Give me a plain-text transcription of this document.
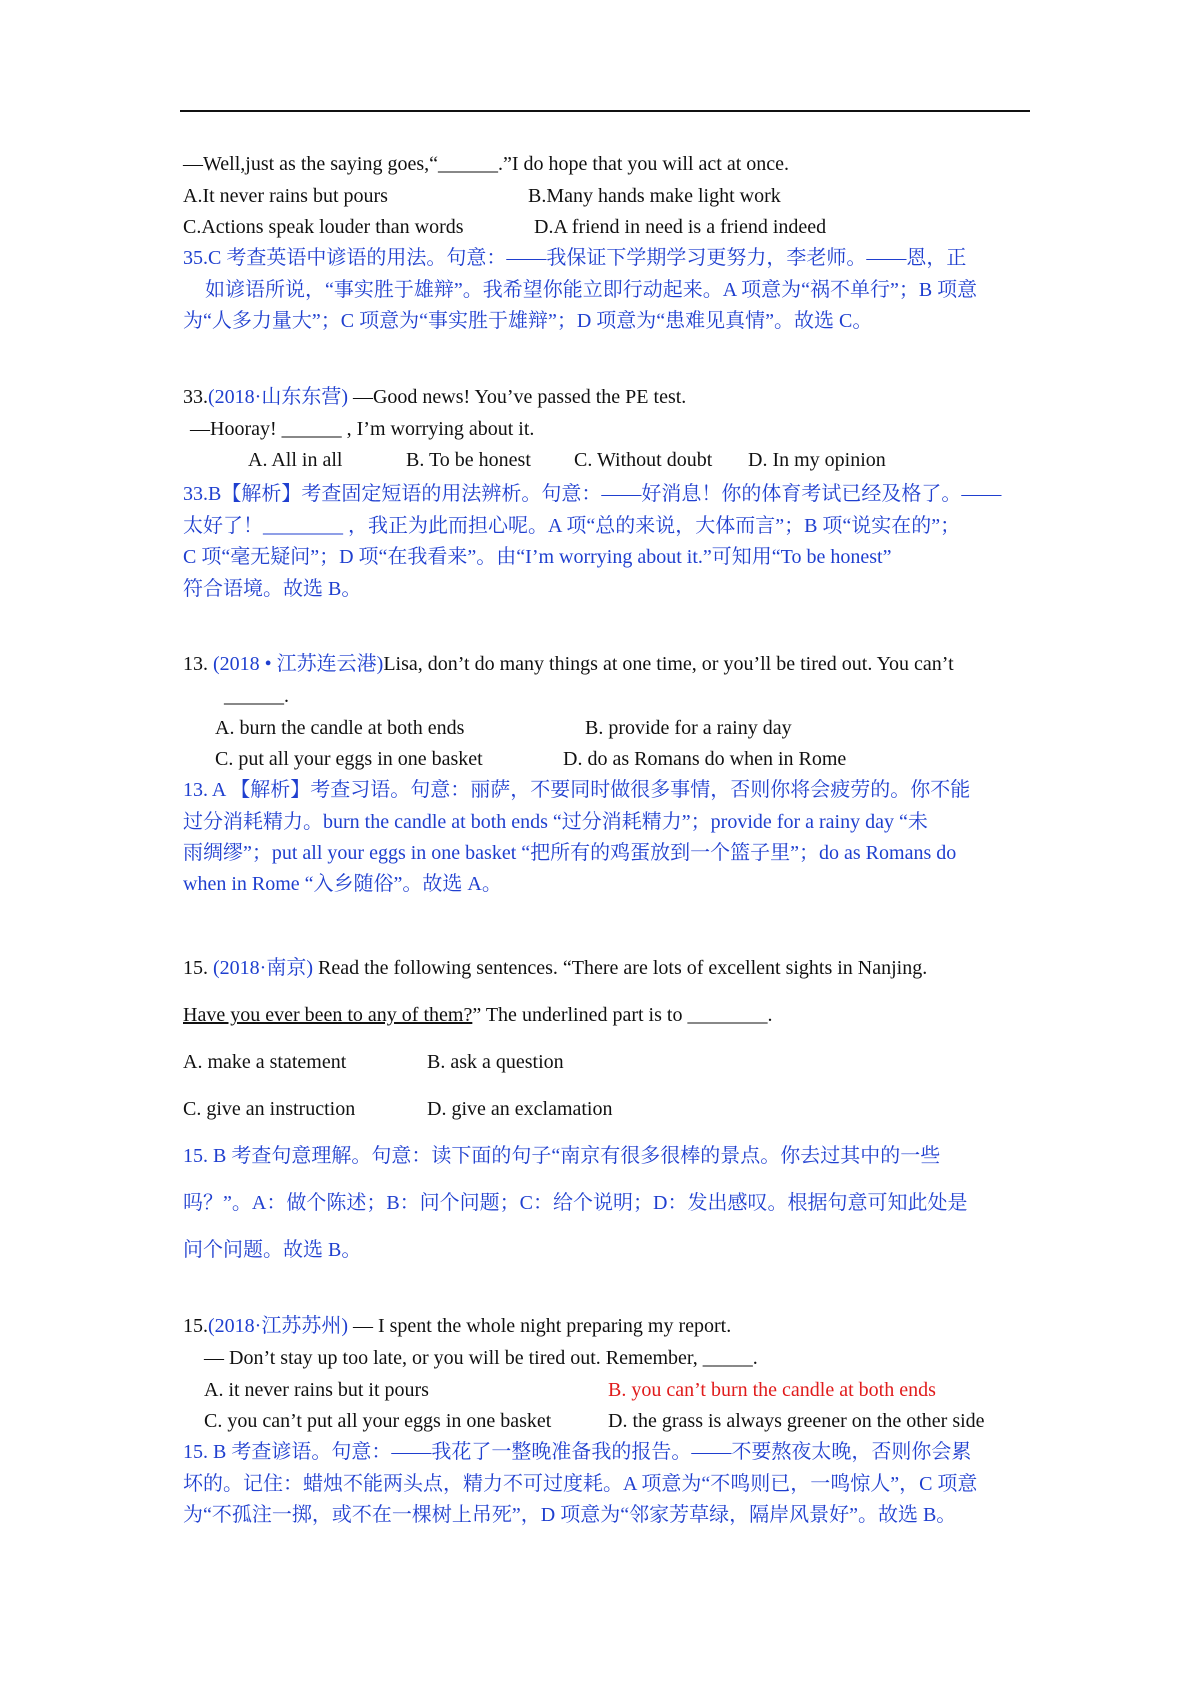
—Well,just as the saying goes,“______.”I do hope that you will act at once.
A.It never rains but pours	B.Many hands make light work
C.Actions speak louder than words	D.A friend in need is a friend indeed
35.C 考查英语中谚语的用法。句意：——我保证下学期学习更努力，李老师。——恩，正
如谚语所说，“事实胜于雄辩”。我希望你能立即行动起来。A 项意为“祸不单行”；B 项意
为“人多力量大”；C 项意为“事实胜于雄辩”；D 项意为“患难见真情”。故选 C。
33.(2018·山东东营) —Good news! You’ve passed the PE test.
—Hooray! ______ , I’m worrying about it.
A. All in all	B. To be honest C. Without doubt D. In my opinion
33.B【解析】考查固定短语的用法辨析。句意：——好消息！你的体育考试已经及格了。——
太好了！________ ，我正为此而担心呢。A 项“总的来说，大体而言”；B 项“说实在的”；
C 项“毫无疑问”；D 项“在我看来”。由“I’m worrying about it.”可知用“To be honest”
符合语境。故选 B。
13. (2018 • 江苏连云港)Lisa, don’t do many things at one time, or you’ll be tired out. You can’t
______.
A. burn the candle at both ends	B. provide for a rainy day
C. put all your eggs in one basket	D. do as Romans do when in Rome
13. A 【解析】考查习语。句意：丽萨，不要同时做很多事情，否则你将会疲劳的。你不能
过分消耗精力。burn the candle at both ends “过分消耗精力”；provide for a rainy day “未
雨绸缪”；put all your eggs in one basket “把所有的鸡蛋放到一个篮子里”；do as Romans do
when in Rome “入乡随俗”。故选 A。
15. (2018·南京) Read the following sentences. “There are lots of excellent sights in Nanjing.
Have you ever been to any of them?” The underlined part is to ________.
A. make a statement	B. ask a question
C. give an instruction	D. give an exclamation
15. B 考查句意理解。句意：读下面的句子“南京有很多很棒的景点。你去过其中的一些
吗？”。A：做个陈述；B：问个问题；C：给个说明；D：发出感叹。根据句意可知此处是
问个问题。故选 B。
15.(2018·江苏苏州) — I spent the whole night preparing my report.
— Don’t stay up too late, or you will be tired out. Remember, _____.
A. it never rains but it pours	B. you can’t burn the candle at both ends
C. you can’t put all your eggs in one basket	D. the grass is always greener on the other side
15. B 考查谚语。句意：——我花了一整晚准备我的报告。——不要熬夜太晚，否则你会累
坏的。记住：蜡烛不能两头点，精力不可过度耗。A 项意为“不鸣则已，一鸣惊人”，C 项意
为“不孤注一掷，或不在一棵树上吊死”，D 项意为“邻家芳草绿，隔岸风景好”。故选 B。
